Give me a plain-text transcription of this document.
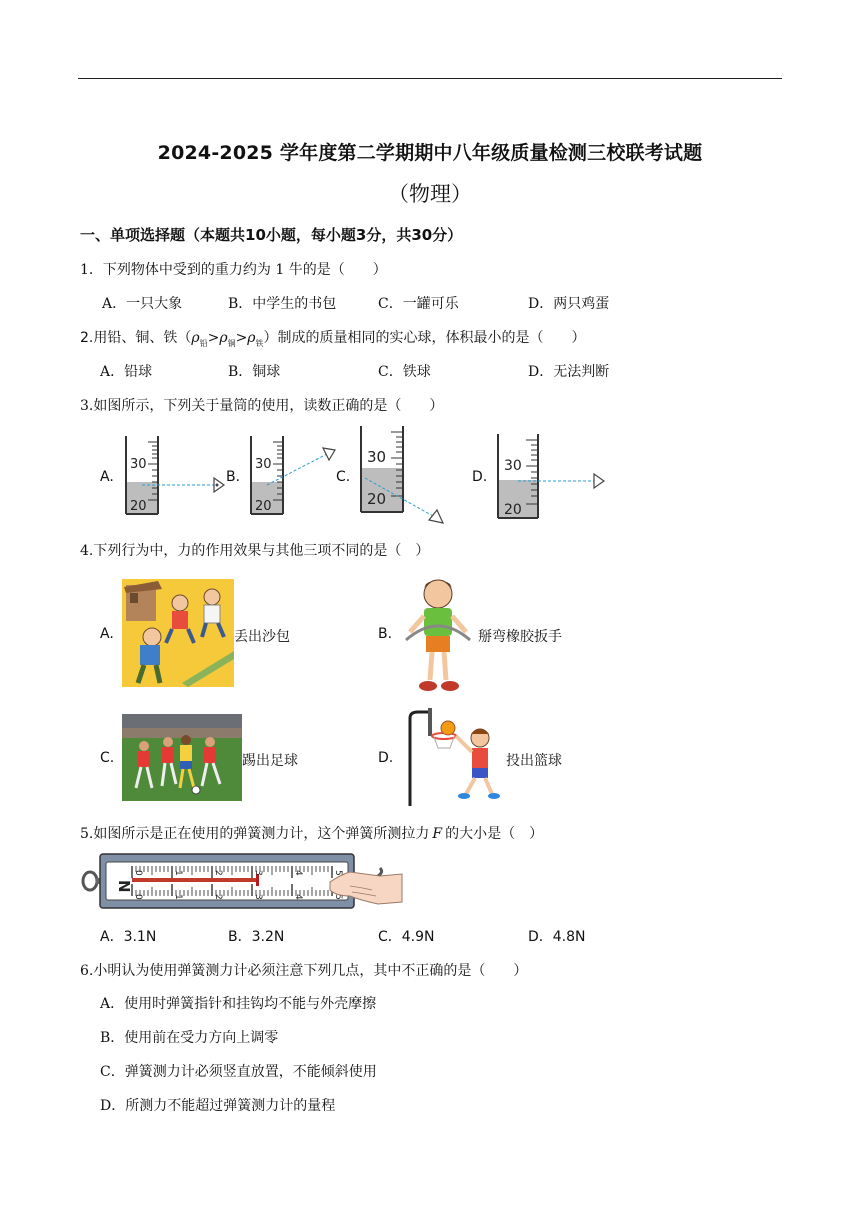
2024-2025 学年度第二学期期中八年级质量检测三校联考试题
（物理）
一、单项选择题（本题共10小题，每小题3分，共30分）
1．下列物体中受到的重力约为 1 牛的是（　　）
A．一只大象	B．中学生的书包	C．一罐可乐	D．两只鸡蛋
2.用铅、铜、铁$(\rho_铅>\rho_铜>\rho_铁)$制成的质量相同的实心球，体积最小的是（　　）
A．铅球	B．铜球	C．铁球	D．无法判断
3.如图所示，下列关于量筒的使用，读数正确的是（　　）
A.
30
20
B.
30
20
C.
30
20
D.
30
20
4.下列行为中，力的作用效果与其他三项不同的是（　）
A.	丢出沙包	B.	掰弯橡胶扳手
C.	踢出足球	D.	投出篮球
5.如图所示是正在使用的弹簧测力计，这个弹簧所测拉力 F 的大小是（　）
N
0
0
1
1
2
2
3
3
4
4
5
5
A．3.1N	B．3.2N	C．4.9N	D．4.8N
6.小明认为使用弹簧测力计必须注意下列几点，其中不正确的是（　　）
A．使用时弹簧指针和挂钩均不能与外壳摩擦
B．使用前在受力方向上调零
C．弹簧测力计必须竖直放置，不能倾斜使用
D．所测力不能超过弹簧测力计的量程
